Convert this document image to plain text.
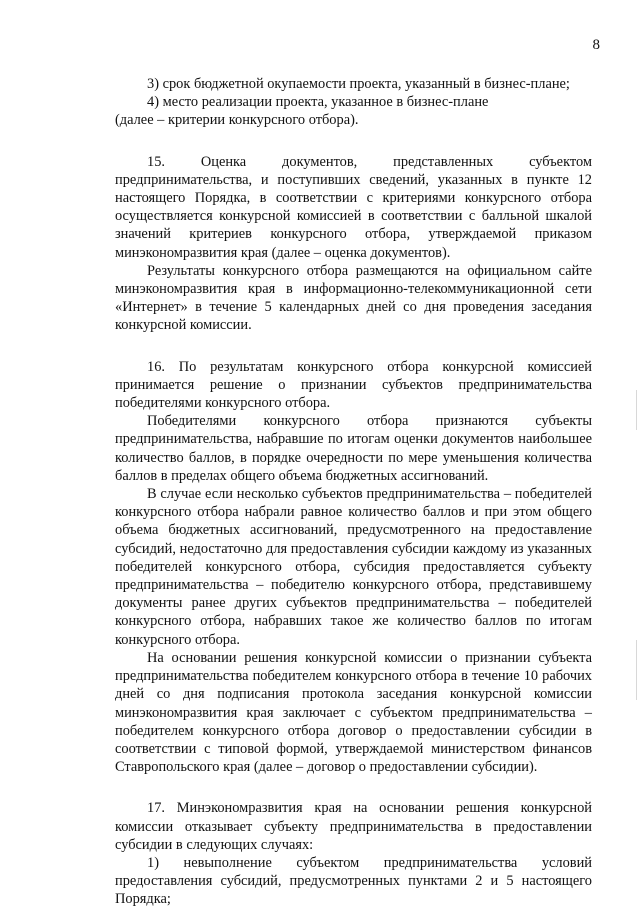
8

3) срок бюджетной окупаемости проекта, указанный в бизнес-плане;

4) место реализации проекта, указанное в бизнес-плане

(далее – критерии конкурсного отбора).

15. Оценка документов, представленных субъектом предпринимательства, и поступивших сведений, указанных в пункте 12 настоящего Порядка, в соответствии с критериями конкурсного отбора осуществляется конкурсной комиссией в соответствии с балльной шкалой значений критериев конкурсного отбора, утверждаемой приказом минэкономразвития края (далее – оценка документов).

Результаты конкурсного отбора размещаются на официальном сайте минэкономразвития края в информационно-телекоммуникационной сети «Интернет» в течение 5 календарных дней со дня проведения заседания конкурсной комиссии.

16. По результатам конкурсного отбора конкурсной комиссией принимается решение о признании субъектов предпринимательства победителями конкурсного отбора.

Победителями конкурсного отбора признаются субъекты предпринимательства, набравшие по итогам оценки документов наибольшее количество баллов, в порядке очередности по мере уменьшения количества баллов в пределах общего объема бюджетных ассигнований.

В случае если несколько субъектов предпринимательства – победителей конкурсного отбора набрали равное количество баллов и при этом общего объема бюджетных ассигнований, предусмотренного на предоставление субсидий, недостаточно для предоставления субсидии каждому из указанных победителей конкурсного отбора, субсидия предоставляется субъекту предпринимательства – победителю конкурсного отбора, представившему документы ранее других субъектов предпринимательства – победителей конкурсного отбора, набравших такое же количество баллов по итогам конкурсного отбора.

На основании решения конкурсной комиссии о признании субъекта предпринимательства победителем конкурсного отбора в течение 10 рабочих дней со дня подписания протокола заседания конкурсной комиссии минэкономразвития края заключает с субъектом предпринимательства – победителем конкурсного отбора договор о предоставлении субсидии в соответствии с типовой формой, утверждаемой министерством финансов Ставропольского края (далее – договор о предоставлении субсидии).

17. Минэкономразвития края на основании решения конкурсной комиссии отказывает субъекту предпринимательства в предоставлении субсидии в следующих случаях:

1) невыполнение субъектом предпринимательства условий предоставления субсидий, предусмотренных пунктами 2 и 5 настоящего Порядка;
